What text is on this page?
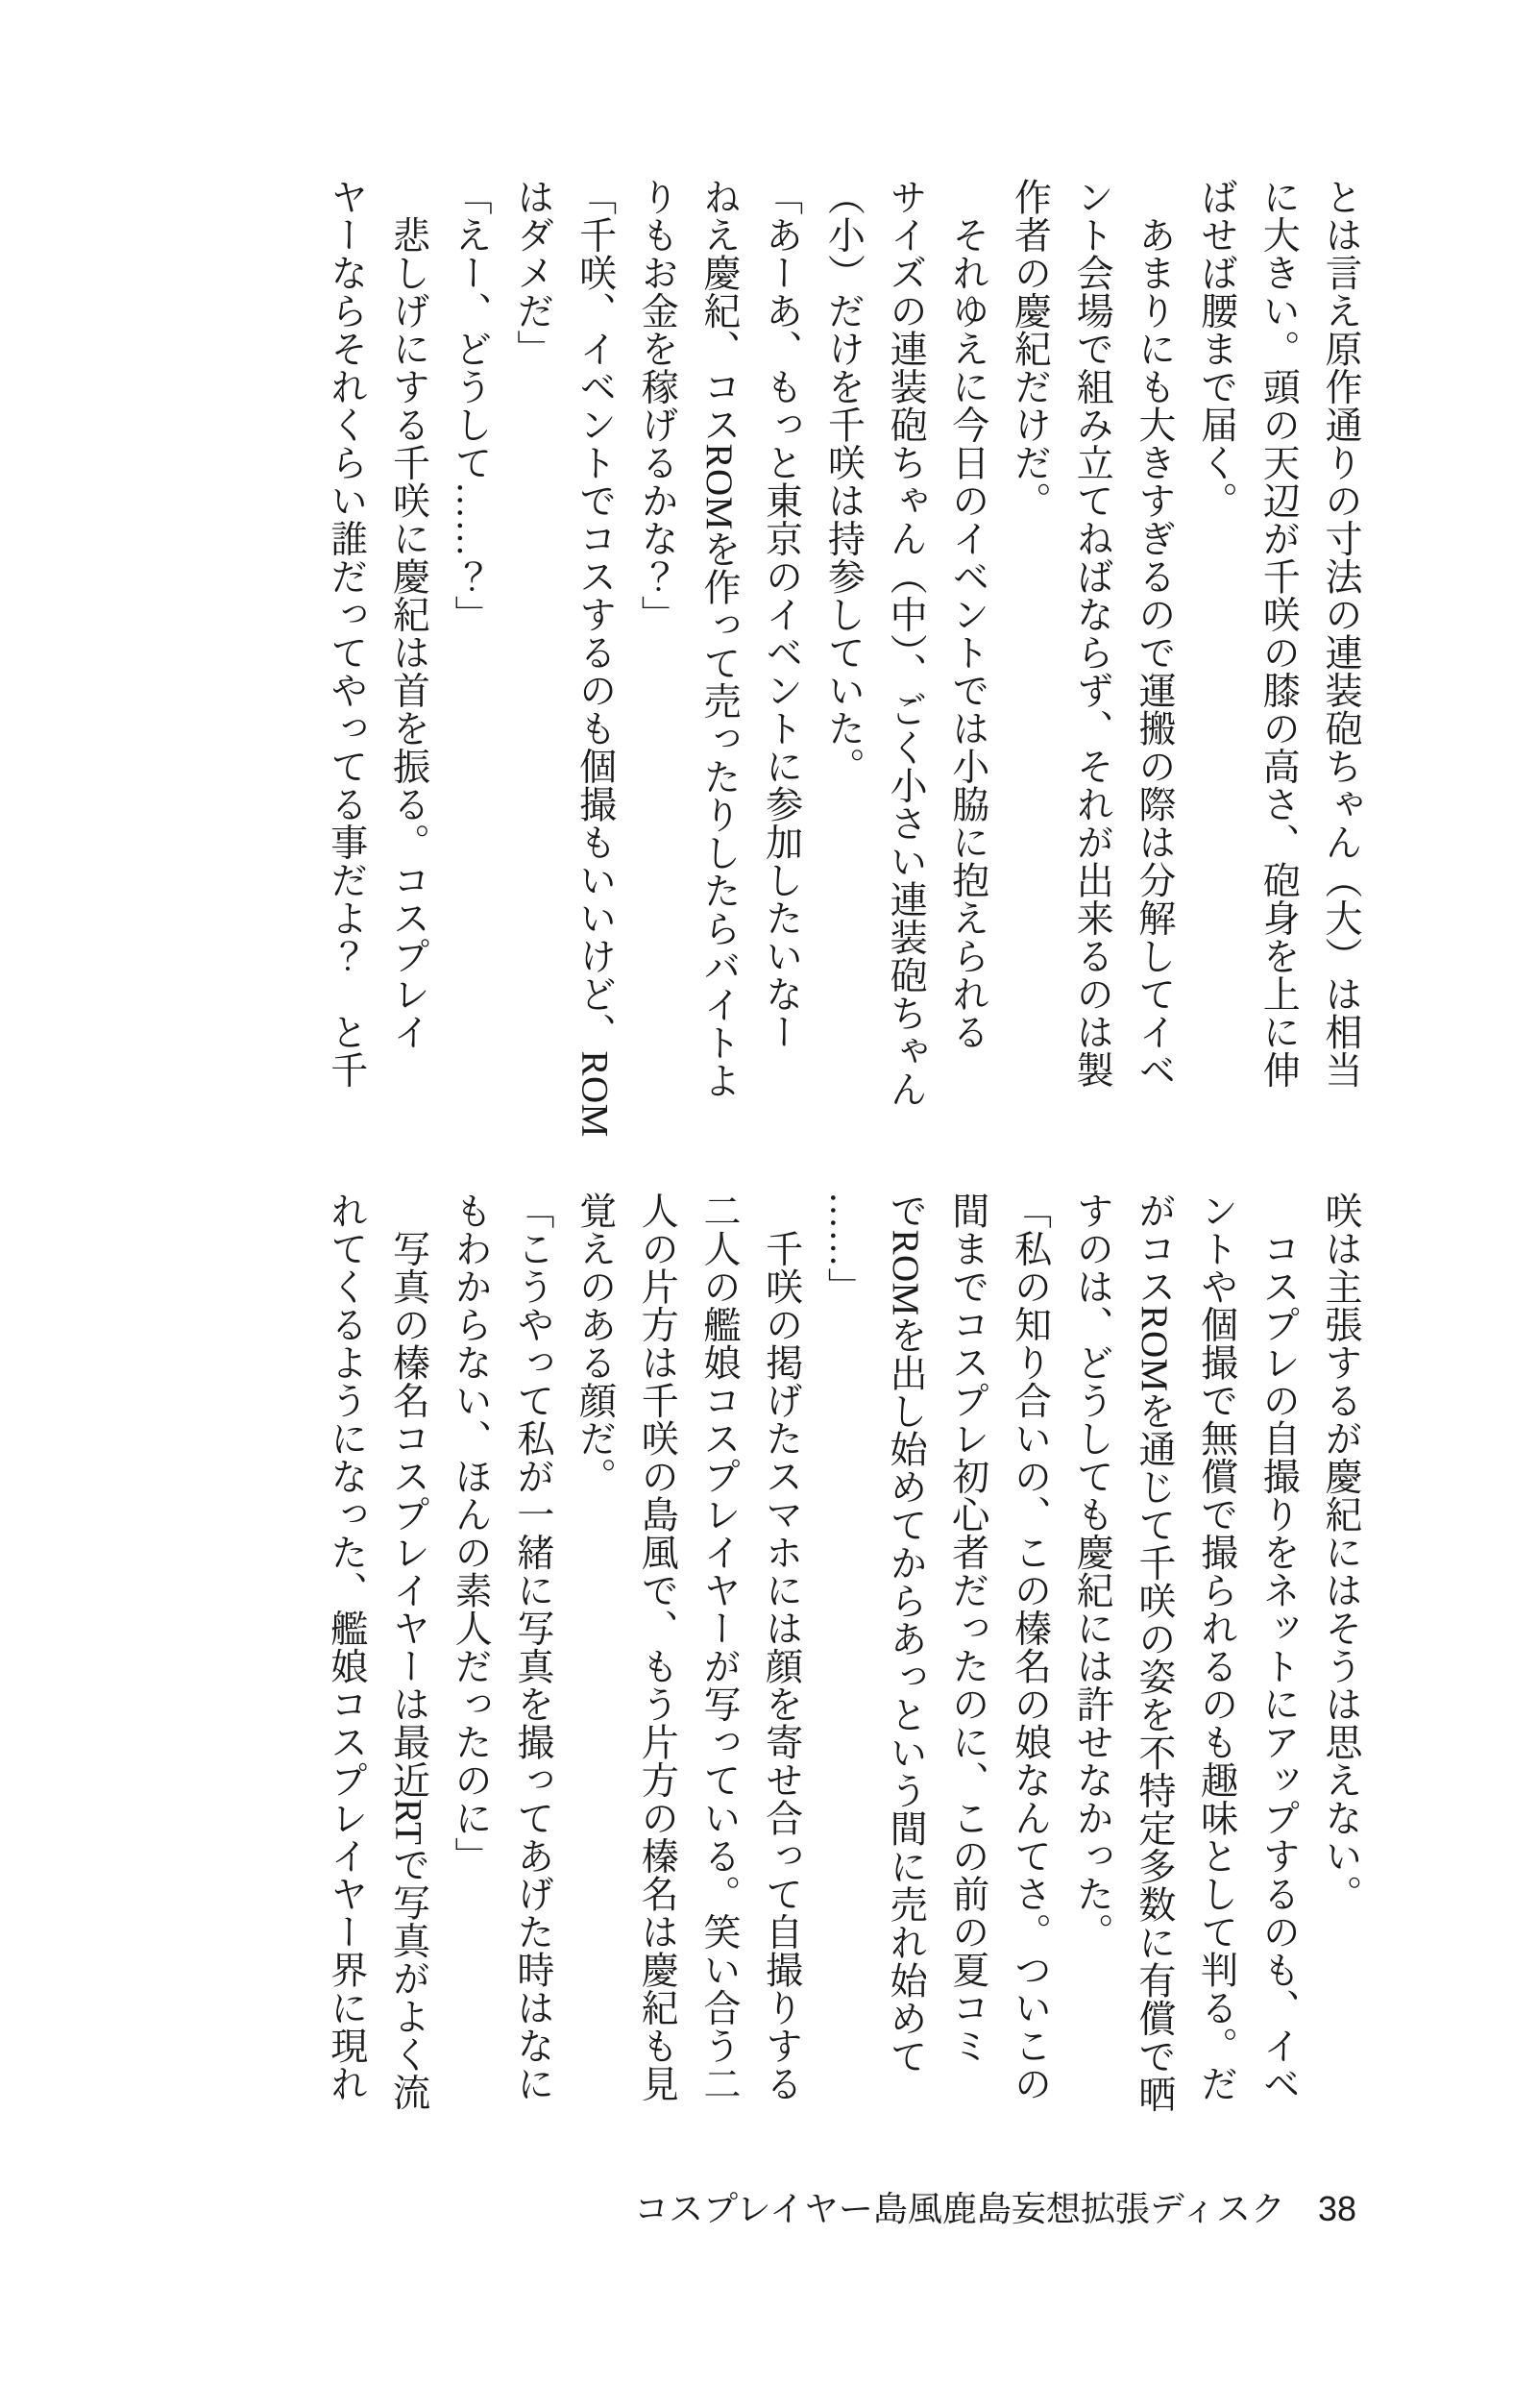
とは言え原作通りの寸法の連装砲ちゃん（大）は相当

に大きい。頭の天辺が千咲の膝の高さ、砲身を上に伸

ばせば腰まで届く。

　あまりにも大きすぎるので運搬の際は分解してイベ

ント会場で組み立てねばならず、それが出来るのは製

作者の慶紀だけだ。

　それゆえに今日のイベントでは小脇に抱えられる

サイズの連装砲ちゃん（中）、ごく小さい連装砲ちゃん

（小）だけを千咲は持参していた。

「あーあ、もっと東京のイベントに参加したいなー

ねえ慶紀、コスROMを作って売ったりしたらバイトよ

りもお金を稼げるかな？」

「千咲、イベントでコスするのも個撮もいいけど、ROM

はダメだ」

「えー、どうして……？」

　悲しげにする千咲に慶紀は首を振る。コスプレイ

ヤーならそれくらい誰だってやってる事だよ？　と千

咲は主張するが慶紀にはそうは思えない。

　コスプレの自撮りをネットにアップするのも、イベ

ントや個撮で無償で撮られるのも趣味として判る。だ

がコスROMを通じて千咲の姿を不特定多数に有償で晒

すのは、どうしても慶紀には許せなかった。

「私の知り合いの、この榛名の娘なんてさ。ついこの

間までコスプレ初心者だったのに、この前の夏コミ

でROMを出し始めてからあっという間に売れ始めて

……」

　千咲の掲げたスマホには顔を寄せ合って自撮りする

二人の艦娘コスプレイヤーが写っている。笑い合う二

人の片方は千咲の島風で、もう片方の榛名は慶紀も見

覚えのある顔だ。

「こうやって私が一緒に写真を撮ってあげた時はなに

もわからない、ほんの素人だったのに」

　写真の榛名コスプレイヤーは最近RTで写真がよく流

れてくるようになった、艦娘コスプレイヤー界に現れ

コスプレイヤー島風鹿島妄想拡張ディスク 38
